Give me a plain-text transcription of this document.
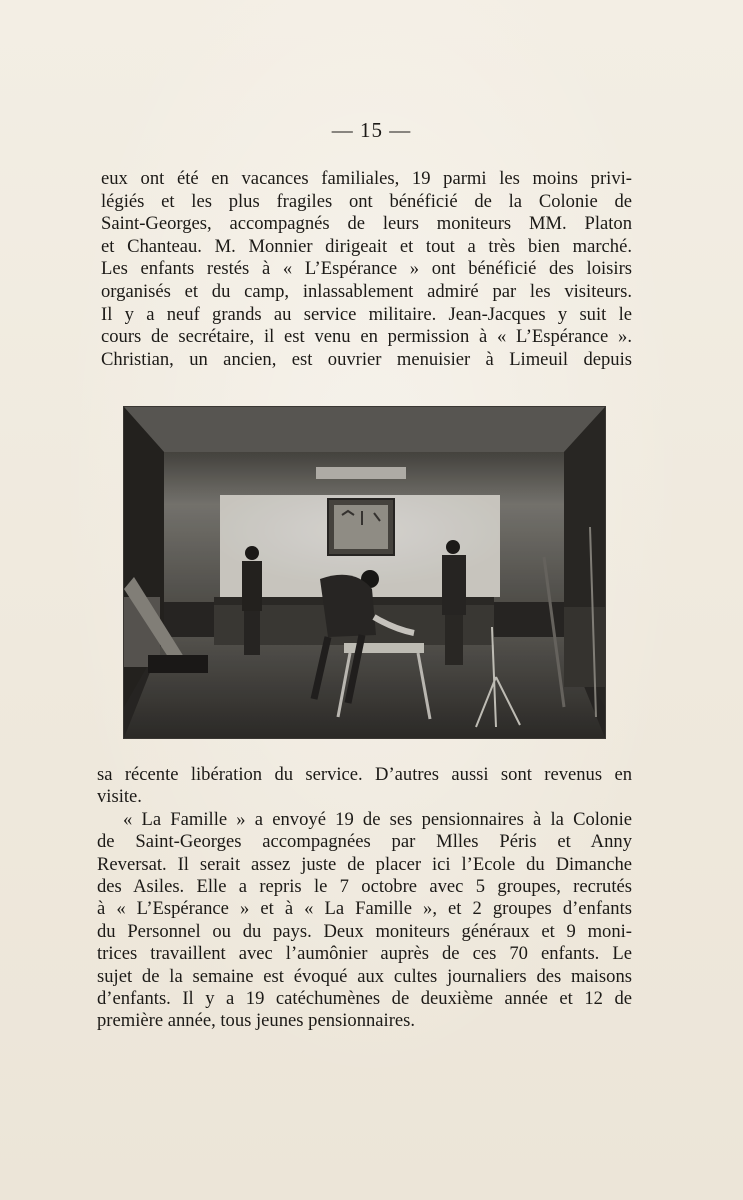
— 15 —
eux ont été en vacances familiales, 19 parmi les moins privi-
légiés et les plus fragiles ont bénéficié de la Colonie de
Saint-Georges, accompagnés de leurs moniteurs MM. Platon
et Chanteau. M. Monnier dirigeait et tout a très bien marché.
Les enfants restés à « L’Espérance » ont bénéficié des loisirs
organisés et du camp, inlassablement admiré par les visiteurs.
Il y a neuf grands au service militaire. Jean-Jacques y suit le
cours de secrétaire, il est venu en permission à « L’Espérance ».
Christian, un ancien, est ouvrier menuisier à Limeuil depuis
sa récente libération du service. D’autres aussi sont revenus en
visite.
« La Famille » a envoyé 19 de ses pensionnaires à la Colonie
de Saint-Georges accompagnées par Mlles Péris et Anny
Reversat. Il serait assez juste de placer ici l’Ecole du Dimanche
des Asiles. Elle a repris le 7 octobre avec 5 groupes, recrutés
à « L’Espérance » et à « La Famille », et 2 groupes d’enfants
du Personnel ou du pays. Deux moniteurs généraux et 9 moni-
trices travaillent avec l’aumônier auprès de ces 70 enfants. Le
sujet de la semaine est évoqué aux cultes journaliers des maisons
d’enfants. Il y a 19 catéchumènes de deuxième année et 12 de
première année, tous jeunes pensionnaires.
